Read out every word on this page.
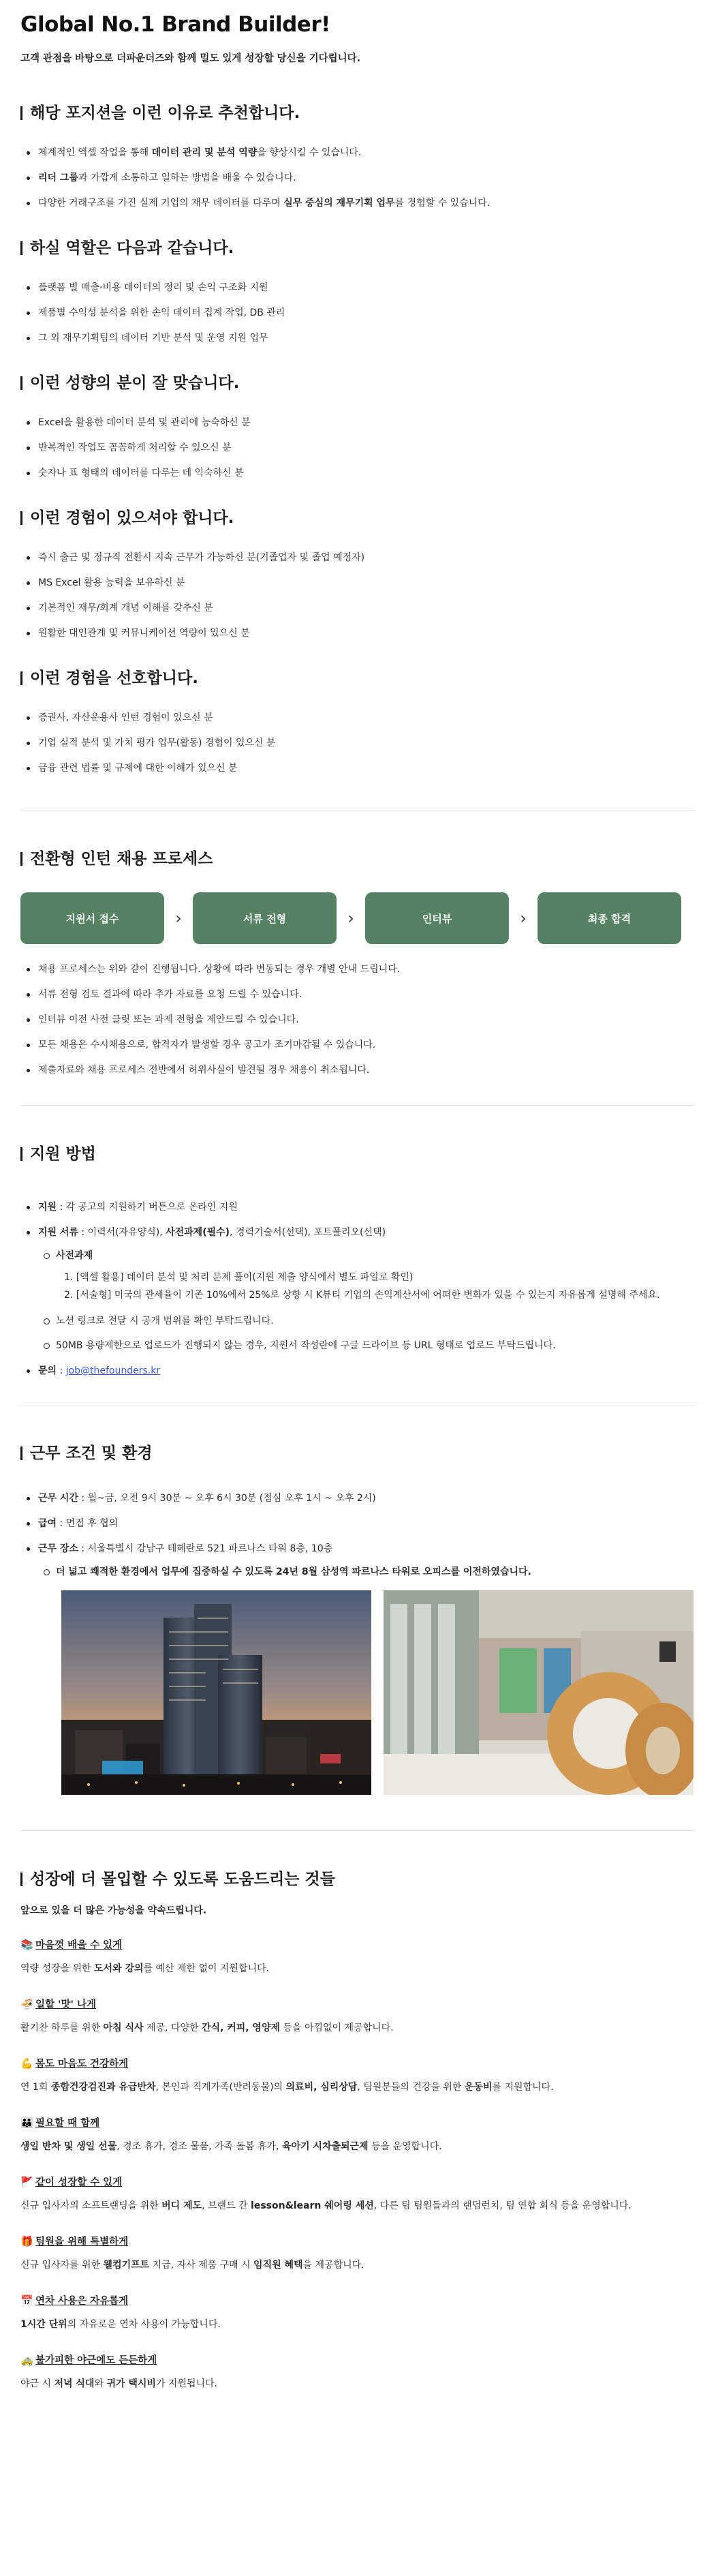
Global No.1 Brand Builder!

고객 관점을 바탕으로 더파운더즈와 함께 밀도 있게 성장할 당신을 기다립니다.

해당 포지션을 이런 이유로 추천합니다.
체계적인 엑셀 작업을 통해 데이터 관리 및 분석 역량을 향상시킬 수 있습니다.
리더 그룹과 가깝게 소통하고 일하는 방법을 배울 수 있습니다.
다양한 거래구조를 가진 실제 기업의 재무 데이터를 다루며 실무 중심의 재무기획 업무를 경험할 수 있습니다.
하실 역할은 다음과 같습니다.
플랫폼 별 매출·비용 데이터의 정리 및 손익 구조화 지원
제품별 수익성 분석을 위한 손익 데이터 집계 작업, DB 관리
그 외 재무기획팀의 데이터 기반 분석 및 운영 지원 업무
이런 성향의 분이 잘 맞습니다.
Excel을 활용한 데이터 분석 및 관리에 능숙하신 분
반복적인 작업도 꼼꼼하게 처리할 수 있으신 분
숫자나 표 형태의 데이터를 다루는 데 익숙하신 분
이런 경험이 있으셔야 합니다.
즉시 출근 및 정규직 전환시 지속 근무가 가능하신 분(기졸업자 및 졸업 예정자)
MS Excel 활용 능력을 보유하신 분
기본적인 재무/회계 개념 이해를 갖추신 분
원활한 대인관계 및 커뮤니케이션 역량이 있으신 분
이런 경험을 선호합니다.
증권사, 자산운용사 인턴 경험이 있으신 분
기업 실적 분석 및 가치 평가 업무(활동) 경험이 있으신 분
금융 관련 법률 및 규제에 대한 이해가 있으신 분
전환형 인턴 채용 프로세스
지원서 접수	›	서류 전형	›	인터뷰	›	최종 합격
채용 프로세스는 위와 같이 진행됩니다. 상황에 따라 변동되는 경우 개별 안내 드립니다.
서류 전형 검토 결과에 따라 추가 자료를 요청 드릴 수 있습니다.
인터뷰 이전 사전 클릿 또는 과제 전형을 제안드릴 수 있습니다.
모든 채용은 수시채용으로, 합격자가 발생할 경우 공고가 조기마감될 수 있습니다.
제출자료와 채용 프로세스 전반에서 허위사실이 발견될 경우 채용이 취소됩니다.
지원 방법
지원 : 각 공고의 지원하기 버튼으로 온라인 지원
지원 서류 : 이력서(자유양식), 사전과제(필수), 경력기술서(선택), 포트폴리오(선택)
사전과제
1. [엑셀 활용] 데이터 분석 및 처리 문제 풀이(지원 제출 양식에서 별도 파일로 확인)
2. [서술형] 미국의 관세율이 기존 10%에서 25%로 상향 시 K뷰티 기업의 손익계산서에 어떠한 변화가 있을 수 있는지 자유롭게 설명해 주세요.
노션 링크로 전달 시 공개 범위를 확인 부탁드립니다.
50MB 용량제한으로 업로드가 진행되지 않는 경우, 지원서 작성란에 구글 드라이브 등 URL 형태로 업로드 부탁드립니다.
문의 : job@thefounders.kr
근무 조건 및 환경
근무 시간 : 월~금, 오전 9시 30분 ~ 오후 6시 30분 (점심 오후 1시 ~ 오후 2시)
급여 : 면접 후 협의
근무 장소 : 서울특별시 강남구 테헤란로 521 파르나스 타워 8층, 10층
더 넓고 쾌적한 환경에서 업무에 집중하실 수 있도록 24년 8월 삼성역 파르나스 타워로 오피스를 이전하였습니다.
성장에 더 몰입할 수 있도록 도움드리는 것들

앞으로 있을 더 많은 가능성을 약속드립니다.

📚 마음껏 배울 수 있게
역량 성장을 위한 도서와 강의를 예산 제한 없이 지원합니다.
🍜 일할 '맛' 나게
활기찬 하루를 위한 아침 식사 제공, 다양한 간식, 커피, 영양제 등을 아낌없이 제공합니다.
💪 몸도 마음도 건강하게
연 1회 종합건강검진과 유급반차, 본인과 직계가족(반려동물)의 의료비, 심리상담, 팀원분들의 건강을 위한 운동비를 지원합니다.
👪 필요할 때 함께
생일 반차 및 생일 선물, 경조 휴가, 경조 물품, 가족 돌봄 휴가, 육아기 시차출퇴근제 등을 운영합니다.
🚩 같이 성장할 수 있게
신규 입사자의 소프트랜딩을 위한 버디 제도, 브랜드 간 lesson&learn 쉐어링 세션, 다른 팀 팀원들과의 랜덤런치, 팀 연합 회식 등을 운영합니다.
🎁 팀원을 위해 특별하게
신규 입사자를 위한 웰컴기프트 지급, 자사 제품 구매 시 임직원 혜택을 제공합니다.
📅 연차 사용은 자유롭게
1시간 단위의 자유로운 연차 사용이 가능합니다.
🚕 불가피한 야근에도 든든하게
야근 시 저녁 식대와 귀가 택시비가 지원됩니다.
